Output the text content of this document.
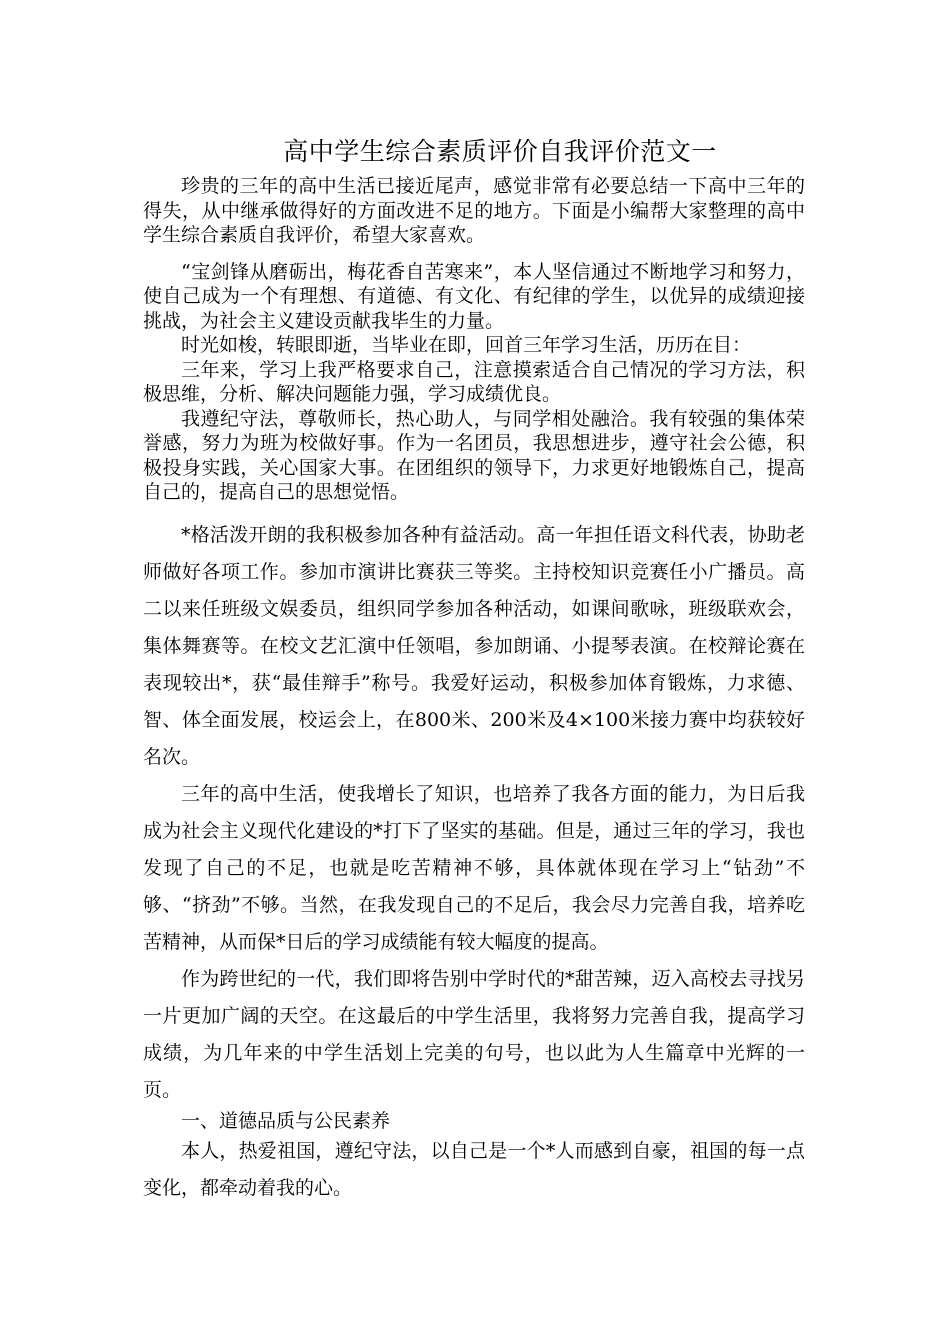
高中学生综合素质评价自我评价范文一

珍贵的三年的高中生活已接近尾声，感觉非常有必要总结一下高中三年的得失，从中继承做得好的方面改进不足的地方。下面是小编帮大家整理的高中学生综合素质自我评价，希望大家喜欢。

“宝剑锋从磨砺出，梅花香自苦寒来”，本人坚信通过不断地学习和努力，使自己成为一个有理想、有道德、有文化、有纪律的学生，以优异的成绩迎接挑战，为社会主义建设贡献我毕生的力量。

时光如梭，转眼即逝，当毕业在即，回首三年学习生活，历历在目：

三年来，学习上我严格要求自己，注意摸索适合自己情况的学习方法，积极思维，分析、解决问题能力强，学习成绩优良。

我遵纪守法，尊敬师长，热心助人，与同学相处融洽。我有较强的集体荣誉感，努力为班为校做好事。作为一名团员，我思想进步，遵守社会公德，积极投身实践，关心国家大事。在团组织的领导下，力求更好地锻炼自己，提高自己的，提高自己的思想觉悟。

*格活泼开朗的我积极参加各种有益活动。高一年担任语文科代表，协助老师做好各项工作。参加市演讲比赛获三等奖。主持校知识竞赛任小广播员。高二以来任班级文娱委员，组织同学参加各种活动，如课间歌咏，班级联欢会，集体舞赛等。在校文艺汇演中任领唱，参加朗诵、小提琴表演。在校辩论赛在表现较出*，获“最佳辩手”称号。我爱好运动，积极参加体育锻炼，力求德、智、体全面发展，校运会上，在800米、200米及4×100米接力赛中均获较好名次。

三年的高中生活，使我增长了知识，也培养了我各方面的能力，为日后我成为社会主义现代化建设的*打下了坚实的基础。但是，通过三年的学习，我也发现了自己的不足，也就是吃苦精神不够，具体就体现在学习上“钻劲”不够、“挤劲”不够。当然，在我发现自己的不足后，我会尽力完善自我，培养吃苦精神，从而保*日后的学习成绩能有较大幅度的提高。

作为跨世纪的一代，我们即将告别中学时代的*甜苦辣，迈入高校去寻找另一片更加广阔的天空。在这最后的中学生活里，我将努力完善自我，提高学习成绩，为几年来的中学生活划上完美的句号，也以此为人生篇章中光辉的一页。

一、道德品质与公民素养

本人，热爱祖国，遵纪守法，以自己是一个*人而感到自豪，祖国的每一点变化，都牵动着我的心。
